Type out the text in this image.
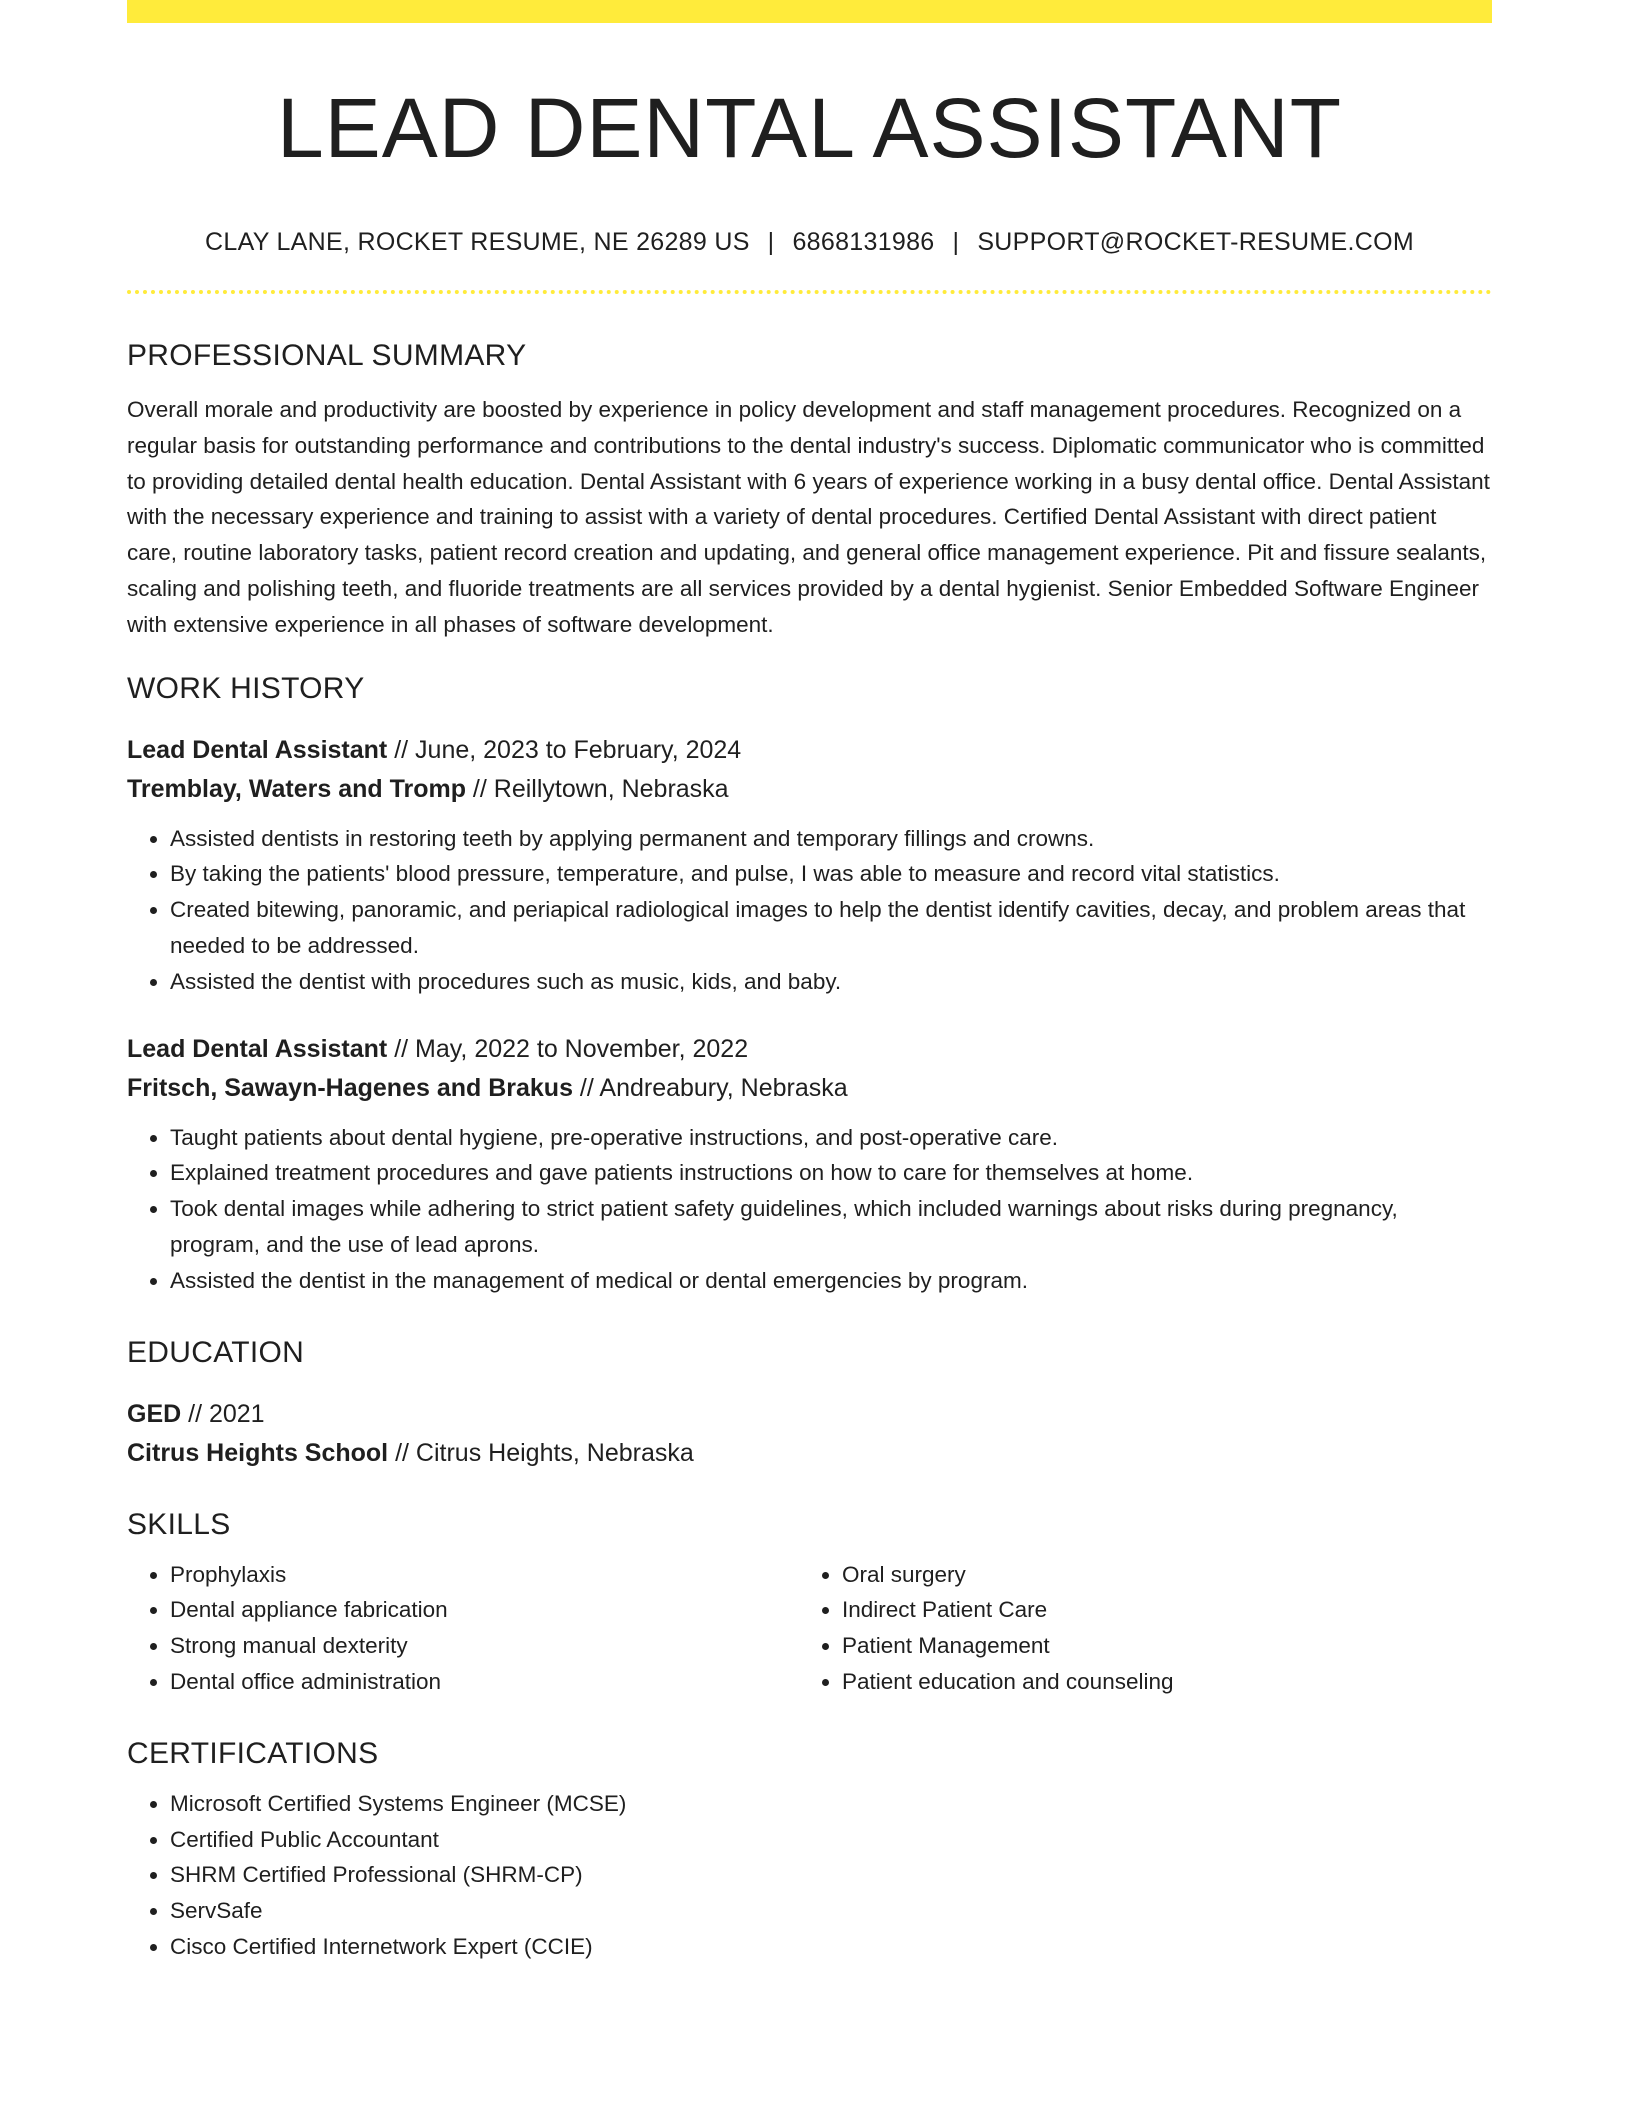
LEAD DENTAL ASSISTANT
CLAY LANE, ROCKET RESUME, NE 26289 US | 6868131986 | SUPPORT@ROCKET-RESUME.COM
PROFESSIONAL SUMMARY
Overall morale and productivity are boosted by experience in policy development and staff management procedures. Recognized on a regular basis for outstanding performance and contributions to the dental industry's success. Diplomatic communicator who is committed to providing detailed dental health education. Dental Assistant with 6 years of experience working in a busy dental office. Dental Assistant with the necessary experience and training to assist with a variety of dental procedures. Certified Dental Assistant with direct patient care, routine laboratory tasks, patient record creation and updating, and general office management experience. Pit and fissure sealants, scaling and polishing teeth, and fluoride treatments are all services provided by a dental hygienist. Senior Embedded Software Engineer with extensive experience in all phases of software development.
WORK HISTORY
Lead Dental Assistant // June, 2023 to February, 2024
Tremblay, Waters and Tromp // Reillytown, Nebraska
• Assisted dentists in restoring teeth by applying permanent and temporary fillings and crowns.
• By taking the patients' blood pressure, temperature, and pulse, I was able to measure and record vital statistics.
• Created bitewing, panoramic, and periapical radiological images to help the dentist identify cavities, decay, and problem areas that needed to be addressed.
• Assisted the dentist with procedures such as music, kids, and baby.
Lead Dental Assistant // May, 2022 to November, 2022
Fritsch, Sawayn-Hagenes and Brakus // Andreabury, Nebraska
• Taught patients about dental hygiene, pre-operative instructions, and post-operative care.
• Explained treatment procedures and gave patients instructions on how to care for themselves at home.
• Took dental images while adhering to strict patient safety guidelines, which included warnings about risks during pregnancy, program, and the use of lead aprons.
• Assisted the dentist in the management of medical or dental emergencies by program.
EDUCATION
GED // 2021
Citrus Heights School // Citrus Heights, Nebraska
SKILLS
• Prophylaxis
• Dental appliance fabrication
• Strong manual dexterity
• Dental office administration
• Oral surgery
• Indirect Patient Care
• Patient Management
• Patient education and counseling
CERTIFICATIONS
• Microsoft Certified Systems Engineer (MCSE)
• Certified Public Accountant
• SHRM Certified Professional (SHRM-CP)
• ServSafe
• Cisco Certified Internetwork Expert (CCIE)
